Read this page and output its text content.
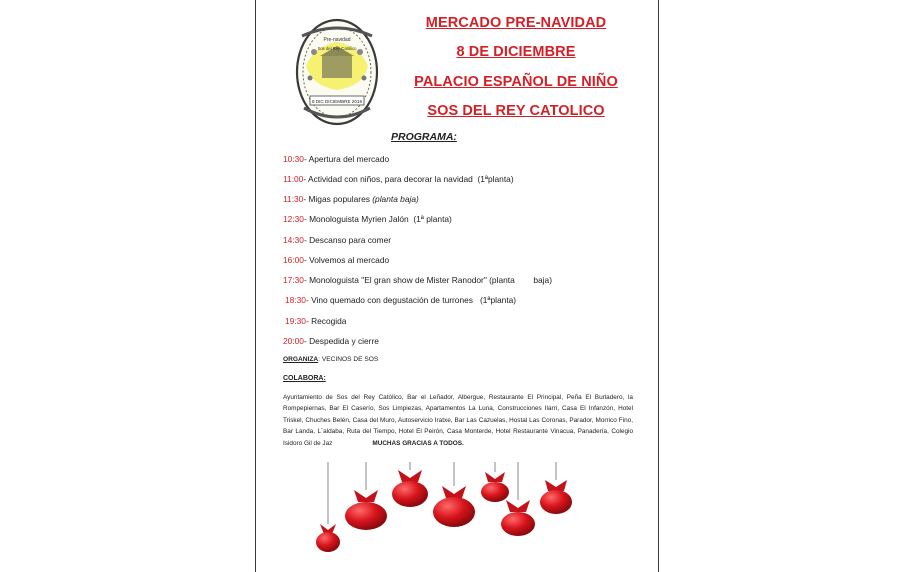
Pre-navidad
Sos del Rey Católico
8 DIC DICIEMBRE 2018
MERCADO PRE-NAVIDAD
8 DE DICIEMBRE
PALACIO ESPAÑOL DE NIÑO
SOS DEL REY CATOLICO
PROGRAMA:
10:30- Apertura del mercado
11:00- Actividad con niños, para decorar la navidad  (1ªplanta)
11:30- Migas populares (planta baja)
12:30- Monologuista Myrien Jalón  (1ª planta)
14:30- Descanso para comer
16:00- Volvemos al mercado
17:30- Monologuista "El gran show de Mister Ranodor" (planta        baja)
18:30- Vino quemado con degustación de turrones   (1ªplanta)
19:30- Recogida
20:00- Despedida y cierre
ORGANIZA: VECINOS DE SOS
COLABORA:
Ayuntamiento de Sos del Rey Católico, Bar el Leñador, Albergue, Restaurante El Principal, Peña El Burladero, la Rompepiernas, Bar El Caserío, Sos Limpiezas, Apartamentos La Luna, Construcciones Ilarri, Casa El Infanzón, Hotel Triskel, Chuches Belén, Casa del Muro, Autoservicio Iratxe, Bar Las Cazuelas, Hostal Las Coronas, Parador, Morrico Fino, Bar Landa, L´aldaba, Ruta del Tiempo, Hotel El Peirón, Casa Monterde, Hotel Restaurante Vinacua, Panadería, Colegio Isidoro Gil de Jaz	MUCHAS GRACIAS A TODOS.
